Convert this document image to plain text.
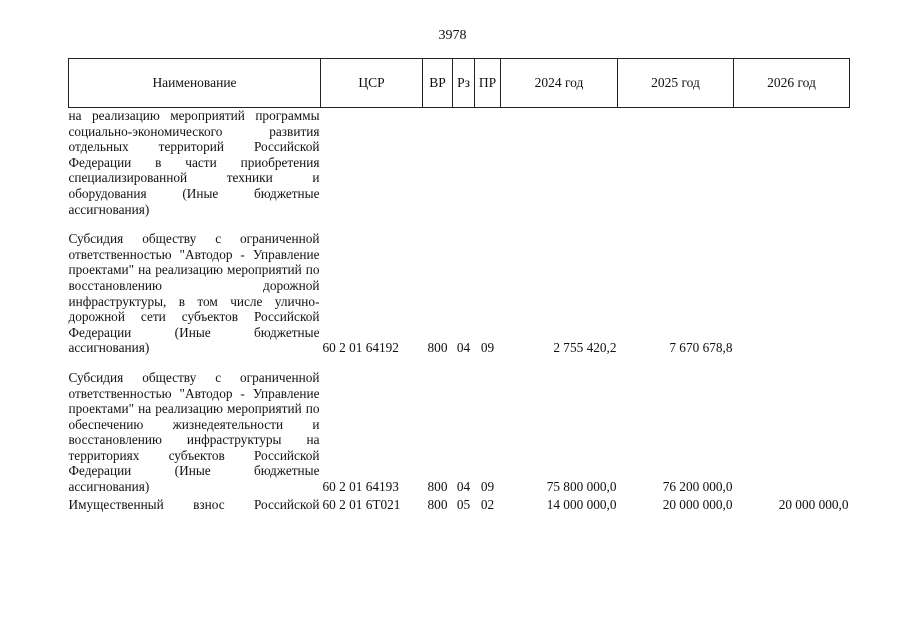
3978
Наименование	ЦСР	ВР	Рз	ПР	2024 год	2025 год	2026 год
на реализацию мероприятий программы социально-экономического развития отдельных территорий Российской Федерации в части приобретения специализированной техники и оборудования (Иные бюджетные ассигнования)							
Субсидия обществу с ограниченной ответственностью "Автодор - Управление проектами" на реализацию мероприятий по восстановлению дорожной инфраструктуры, в том числе улично-дорожной сети субъектов Российской Федерации (Иные бюджетные ассигнования)	60 2 01 64192	800	04	09	2 755 420,2	7 670 678,8	
Субсидия обществу с ограниченной ответственностью "Автодор - Управление проектами" на реализацию мероприятий по обеспечению жизнедеятельности и восстановлению инфраструктуры на территориях субъектов Российской Федерации (Иные бюджетные ассигнования)	60 2 01 64193	800	04	09	75 800 000,0	76 200 000,0	
Имущественный взнос Российской	60 2 01 6Т021	800	05	02	14 000 000,0	20 000 000,0	20 000 000,0
